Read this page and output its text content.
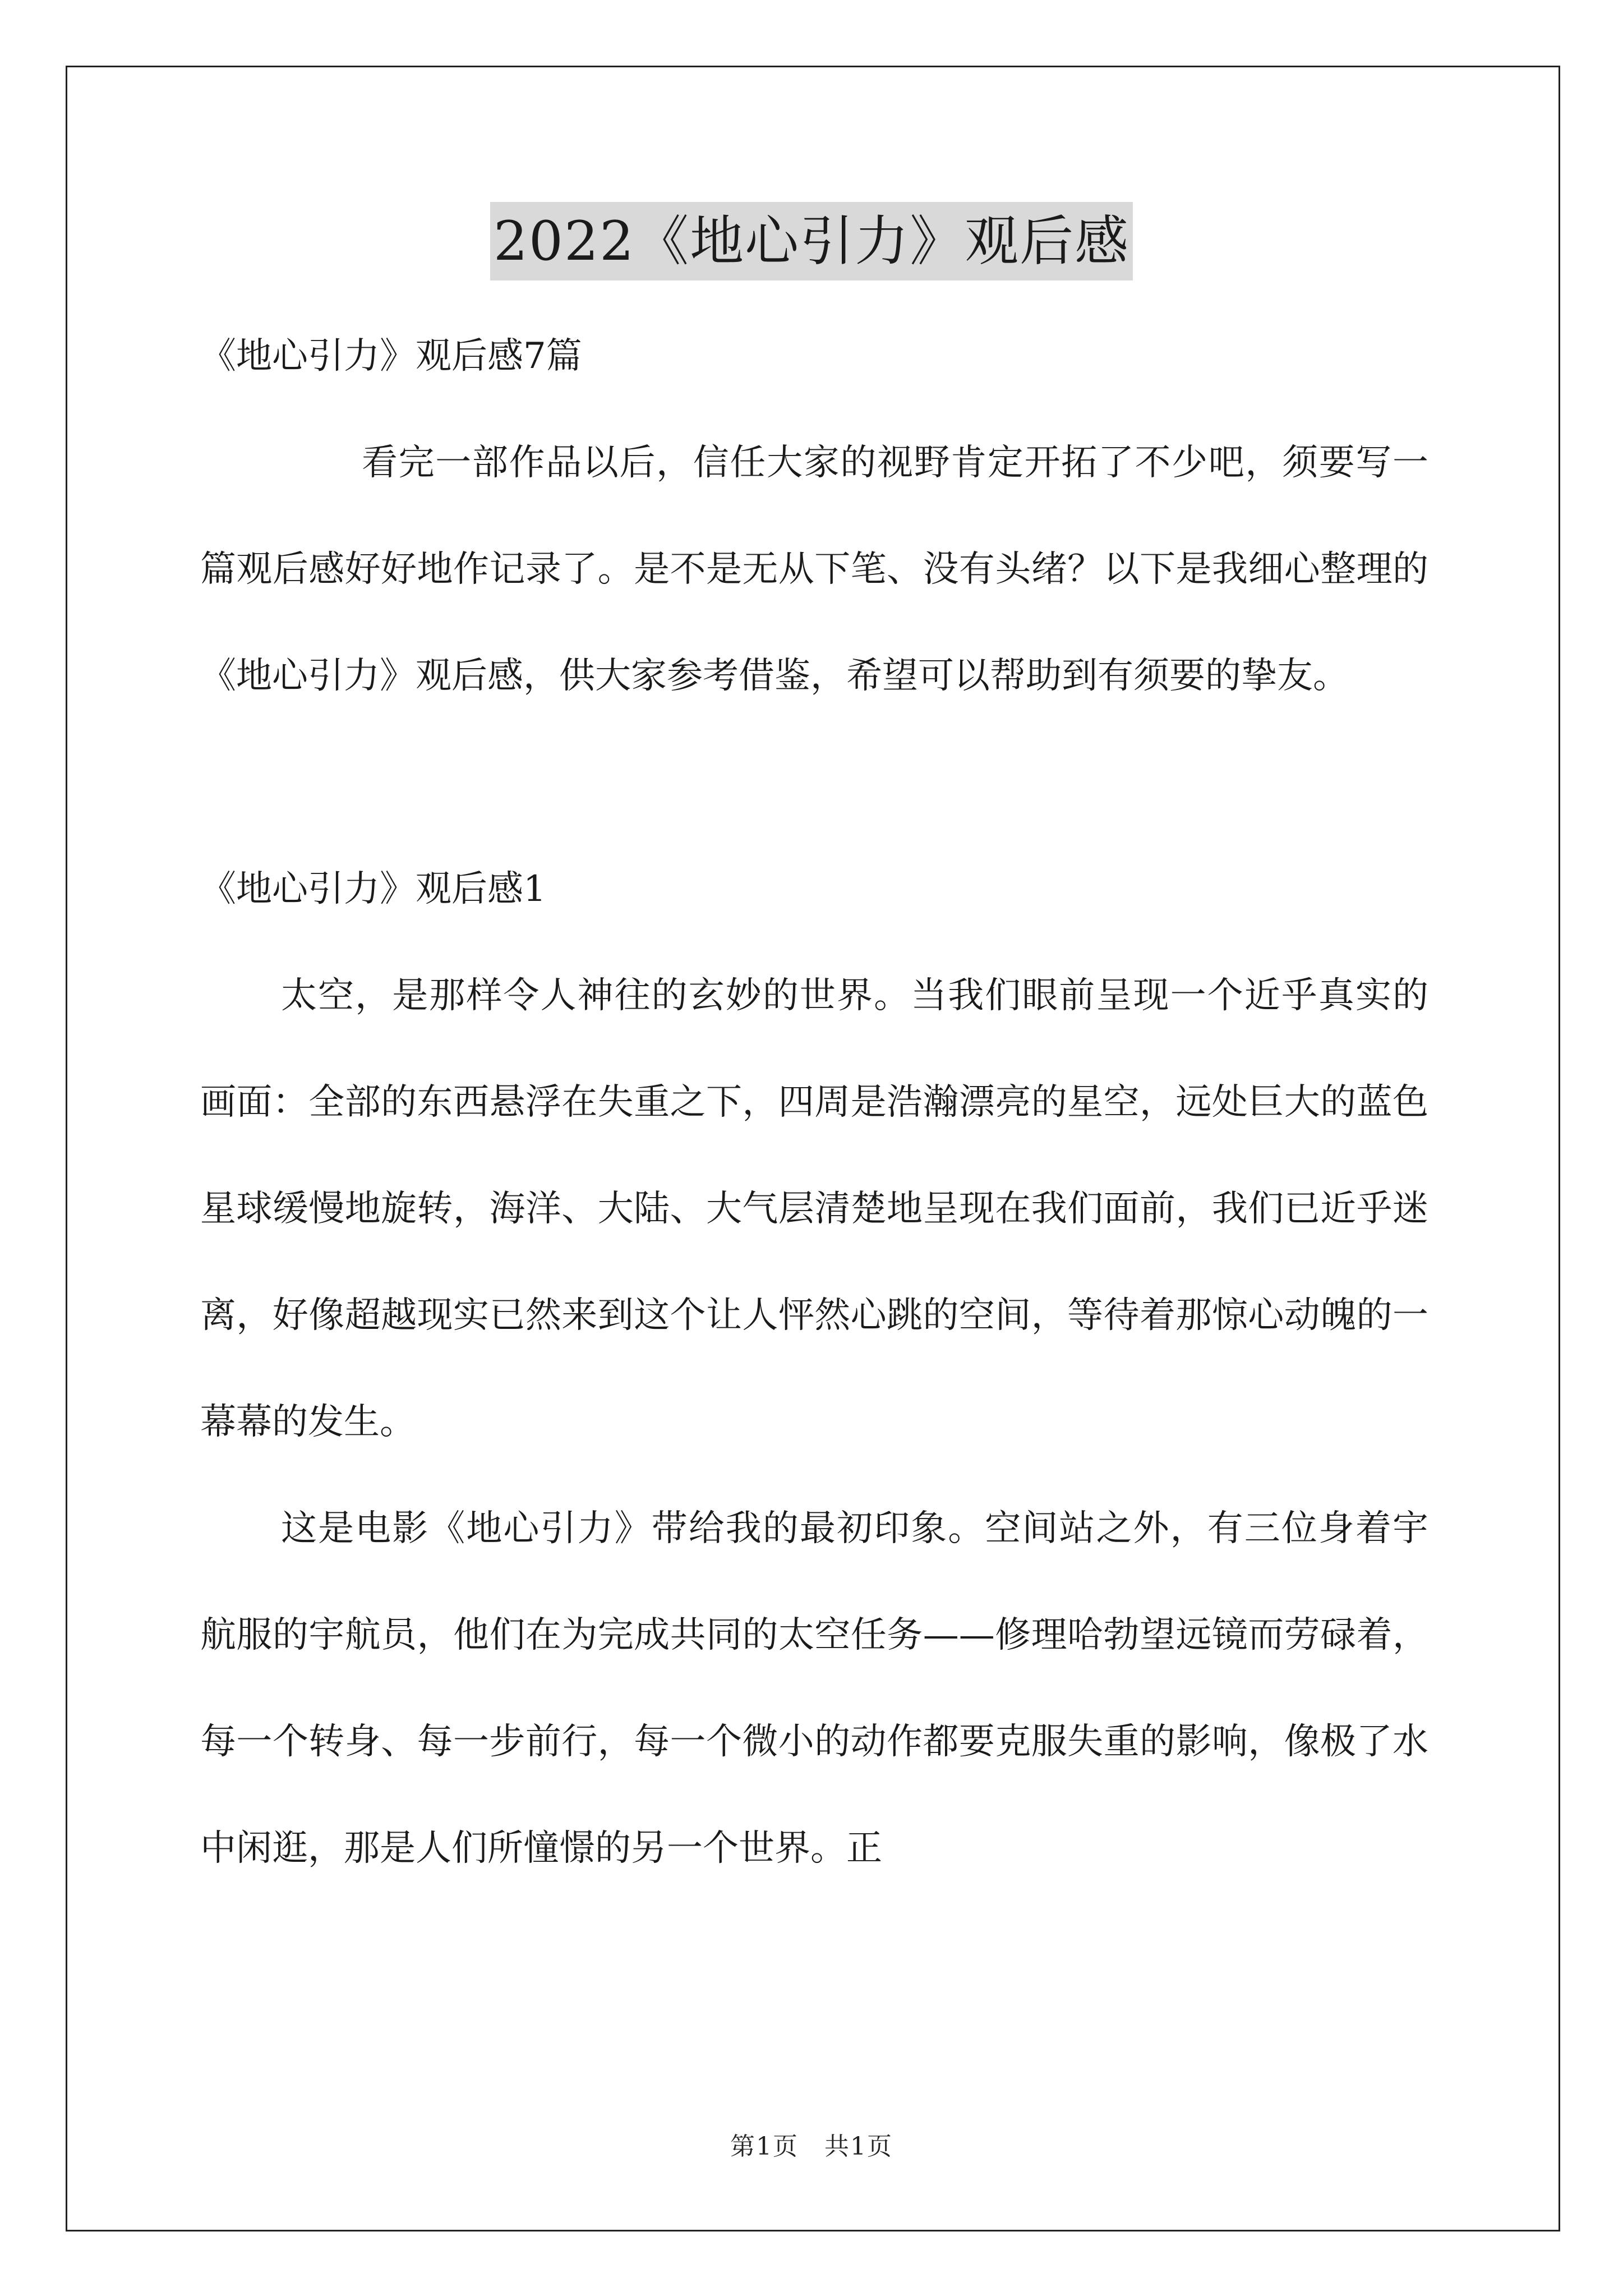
2022《地心引力》观后感
《地心引力》观后感7篇

看完一部作品以后，信任大家的视野肯定开拓了不少吧，须要写一篇观后感好好地作记录了。是不是无从下笔、没有头绪？以下是我细心整理的《地心引力》观后感，供大家参考借鉴，希望可以帮助到有须要的挚友。

《地心引力》观后感1

太空，是那样令人神往的玄妙的世界。当我们眼前呈现一个近乎真实的画面：全部的东西悬浮在失重之下，四周是浩瀚漂亮的星空，远处巨大的蓝色星球缓慢地旋转，海洋、大陆、大气层清楚地呈现在我们面前，我们已近乎迷离，好像超越现实已然来到这个让人怦然心跳的空间，等待着那惊心动魄的一幕幕的发生。

这是电影《地心引力》带给我的最初印象。空间站之外，有三位身着宇航服的宇航员，他们在为完成共同的太空任务——修理哈勃望远镜而劳碌着，每一个转身、每一步前行，每一个微小的动作都要克服失重的影响，像极了水中闲逛，那是人们所憧憬的另一个世界。正

第1页　共1页
